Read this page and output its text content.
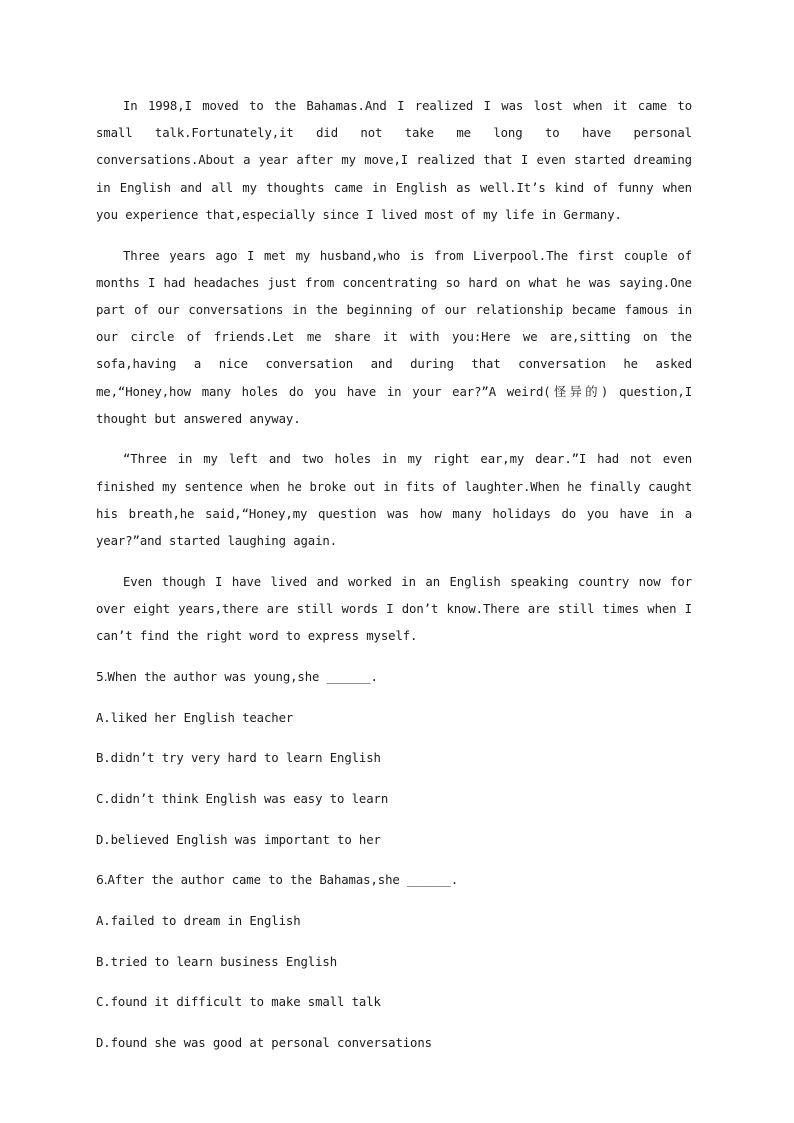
In 1998,I moved to the Bahamas.And I realized I was lost when it came to small talk.Fortunately,it did not take me long to have personal conversations.About a year after my move,I realized that I even started dreaming in English and all my thoughts came in English as well.It’s kind of funny when you experience that,especially since I lived most of my life in Germany.

Three years ago I met my husband,who is from Liverpool.The first couple of months I had headaches just from concentrating so hard on what he was saying.One part of our conversations in the beginning of our relationship became famous in our circle of friends.Let me share it with you:Here we are,sitting on the sofa,having a nice conversation and during that conversation he asked me,“Honey,how many holes do you have in your ear?”A weird(怪异的) question,I thought but answered anyway.

“Three in my left and two holes in my right ear,my dear.”I had not even finished my sentence when he broke out in fits of laughter.When he finally caught his breath,he said,“Honey,my question was how many holidays do you have in a year?”and started laughing again.

Even though I have lived and worked in an English speaking country now for over eight years,there are still words I don’t know.There are still times when I can’t find the right word to express myself.

5.When the author was young,she ______.
A.liked her English teacher
B.didn’t try very hard to learn English
C.didn’t think English was easy to learn
D.believed English was important to her
6.After the author came to the Bahamas,she ______.
A.failed to dream in English
B.tried to learn business English
C.found it difficult to make small talk
D.found she was good at personal conversations
